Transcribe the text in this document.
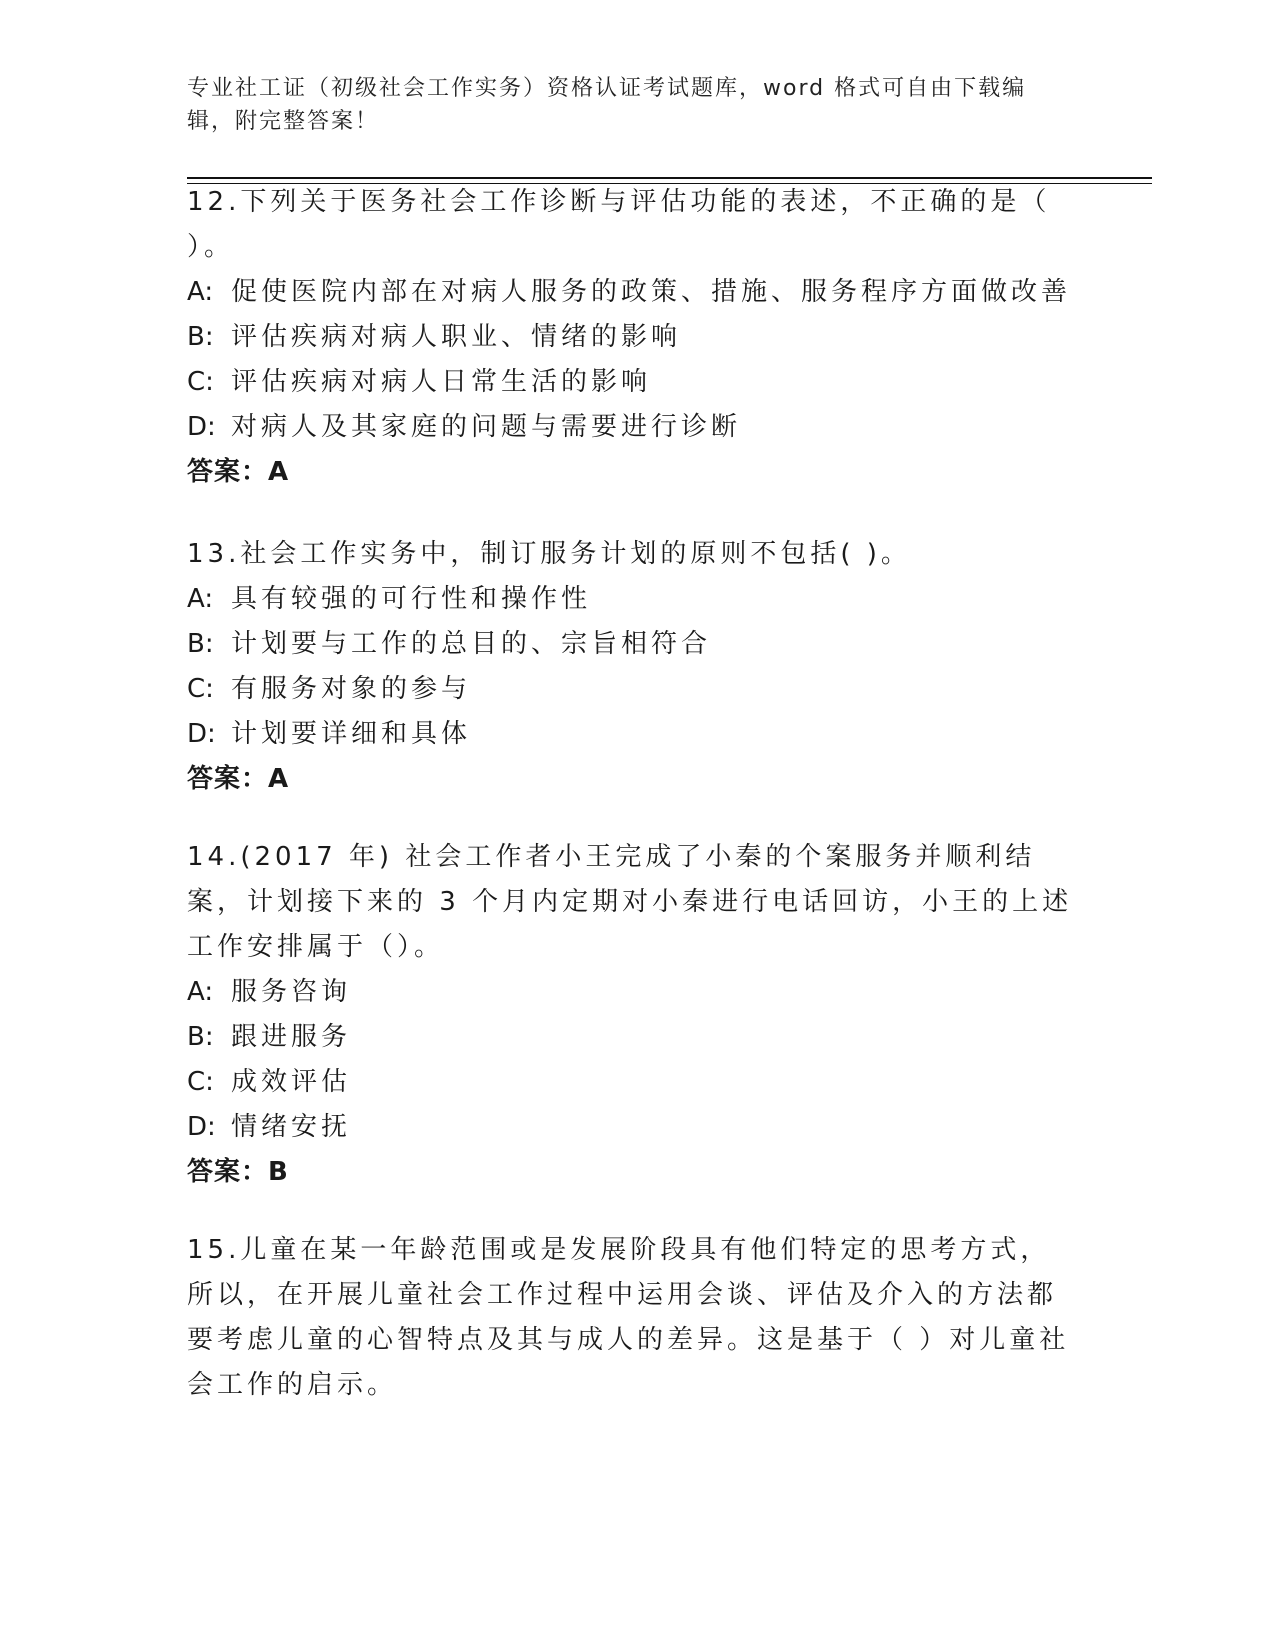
专业社工证（初级社会工作实务）资格认证考试题库，word 格式可自由下载编辑，附完整答案！

12.下列关于医务社会工作诊断与评估功能的表述，不正确的是（ ）。

A: 促使医院内部在对病人服务的政策、措施、服务程序方面做改善

B: 评估疾病对病人职业、情绪的影响

C: 评估疾病对病人日常生活的影响

D: 对病人及其家庭的问题与需要进行诊断

答案：A

13.社会工作实务中，制订服务计划的原则不包括( )。

A: 具有较强的可行性和操作性

B: 计划要与工作的总目的、宗旨相符合

C: 有服务对象的参与

D: 计划要详细和具体

答案：A

14.(2017 年) 社会工作者小王完成了小秦的个案服务并顺利结案，计划接下来的 3 个月内定期对小秦进行电话回访，小王的上述工作安排属于（）。

A: 服务咨询

B: 跟进服务

C: 成效评估

D: 情绪安抚

答案：B

15.儿童在某一年龄范围或是发展阶段具有他们特定的思考方式，所以，在开展儿童社会工作过程中运用会谈、评估及介入的方法都要考虑儿童的心智特点及其与成人的差异。这是基于（ ）对儿童社会工作的启示。
